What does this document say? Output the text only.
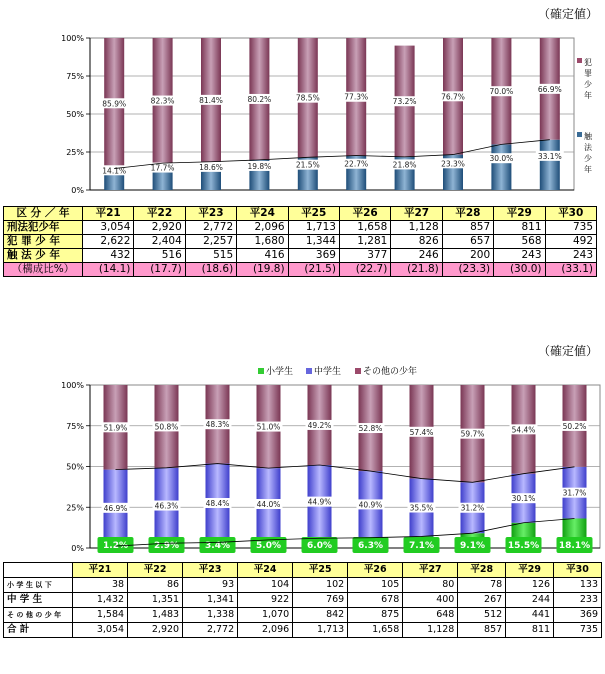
（確定値）
0%
25%
50%
75%
100%
14.1%
85.9%
17.7%
82.3%
18.6%
81.4%
19.8%
80.2%
21.5%
78.5%
22.7%
77.3%
21.8%
73.2%
23.3%
76.7%
30.0%
70.0%
33.1%
66.9%
犯
罪
少
年
触
法
少
年
区 分 ／ 年	平21	平22	平23	平24	平25	平26	平27	平28	平29	平30
刑法犯少年	3,054	2,920	2,772	2,096	1,713	1,658	1,128	857	811	735
犯 罪 少 年	2,622	2,404	2,257	1,680	1,344	1,281	826	657	568	492
触 法 少 年	432	516	515	416	369	377	246	200	243	243
（構成比%）	(14.1)	(17.7)	(18.6)	(19.8)	(21.5)	(22.7)	(21.8)	(23.3)	(30.0)	(33.1)
（確定値）
0%
25%
50%
75%
100%
小学生 中学生 その他の少年
1.2%
46.9%
51.9%
2.9%
46.3%
50.8%
3.4%
48.4%
48.3%
5.0%
44.0%
51.0%
6.0%
44.9%
49.2%
6.3%
40.9%
52.8%
7.1%
35.5%
57.4%
9.1%
31.2%
59.7%
15.5%
30.1%
54.4%
18.1%
31.7%
50.2%
	平21	平22	平23	平24	平25	平26	平27	平28	平29	平30
小 学 生 以 下	38	86	93	104	102	105	80	78	126	133
中 学 生	1,432	1,351	1,341	922	769	678	400	267	244	233
そ の 他 の 少 年	1,584	1,483	1,338	1,070	842	875	648	512	441	369
合 計	3,054	2,920	2,772	2,096	1,713	1,658	1,128	857	811	735
